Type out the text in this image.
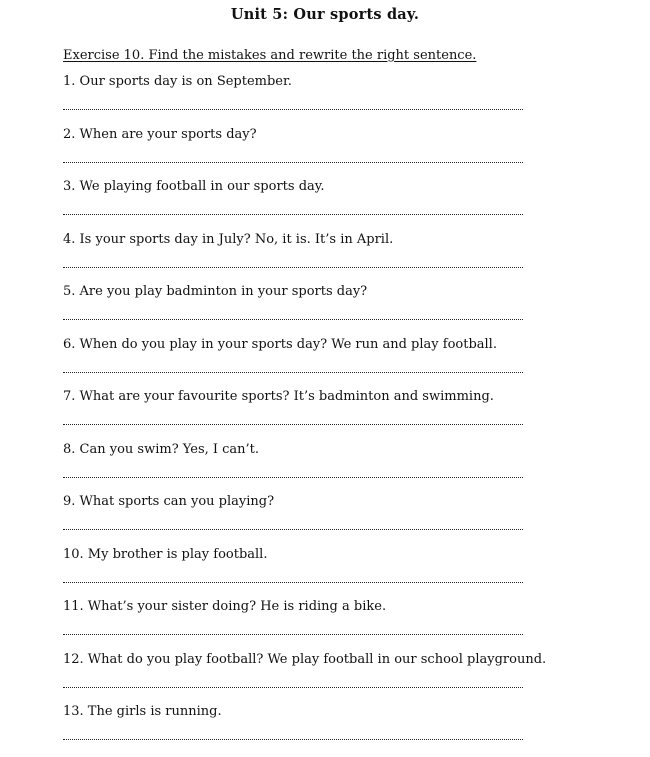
Unit 5: Our sports day.
Exercise 10. Find the mistakes and rewrite the right sentence.
1. Our sports day is on September.
2. When are your sports day?
3. We playing football in our sports day.
4. Is your sports day in July? No, it is. It’s in April.
5. Are you play badminton in your sports day?
6. When do you play in your sports day? We run and play football.
7. What are your favourite sports? It’s badminton and swimming.
8. Can you swim? Yes, I can’t.
9. What sports can you playing?
10. My brother is play football.
11. What’s your sister doing? He is riding a bike.
12. What do you play football? We play football in our school playground.
13. The girls is running.
